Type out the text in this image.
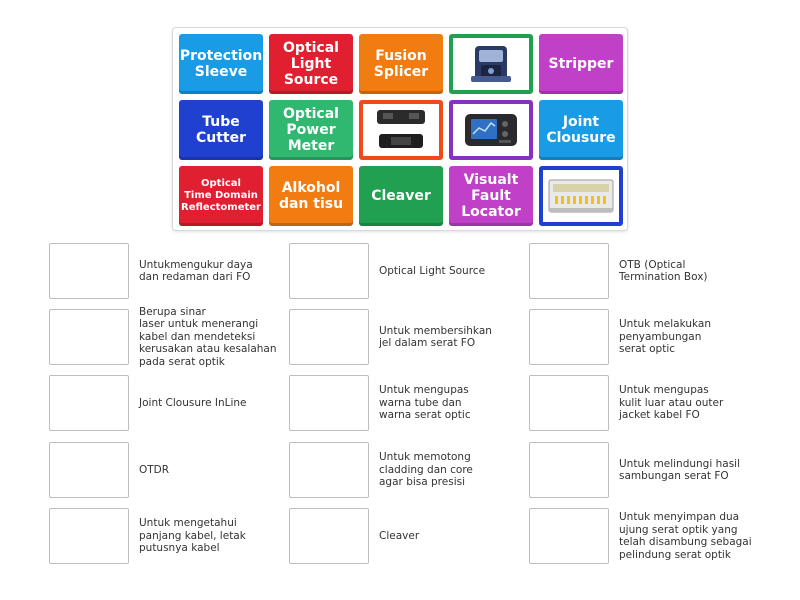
Protection
Sleeve
Optical
Light
Source
Fusion
Splicer	Stripper
Tube
Cutter
Optical
Power
Meter
Joint
Clousure
Optical
Time Domain
Reflectometer
Alkohol
dan tisu	Cleaver
Visualt
Fault
Locator
Untukmengukur daya
dan redaman dari FO
Berupa sinar
laser untuk menerangi
kabel dan mendeteksi
kerusakan atau kesalahan
pada serat optik
Joint Clousure InLine
OTDR
Untuk mengetahui
panjang kabel, letak
putusnya kabel
Optical Light Source
Untuk membersihkan
jel dalam serat FO
Untuk mengupas
warna tube dan
warna serat optic
Untuk memotong
cladding dan core
agar bisa presisi
Cleaver
OTB (Optical
Termination Box)
Untuk melakukan
penyambungan
serat optic
Untuk mengupas
kulit luar atau outer
jacket kabel FO
Untuk melindungi hasil
sambungan serat FO
Untuk menyimpan dua
ujung serat optik yang
telah disambung sebagai
pelindung serat optik
